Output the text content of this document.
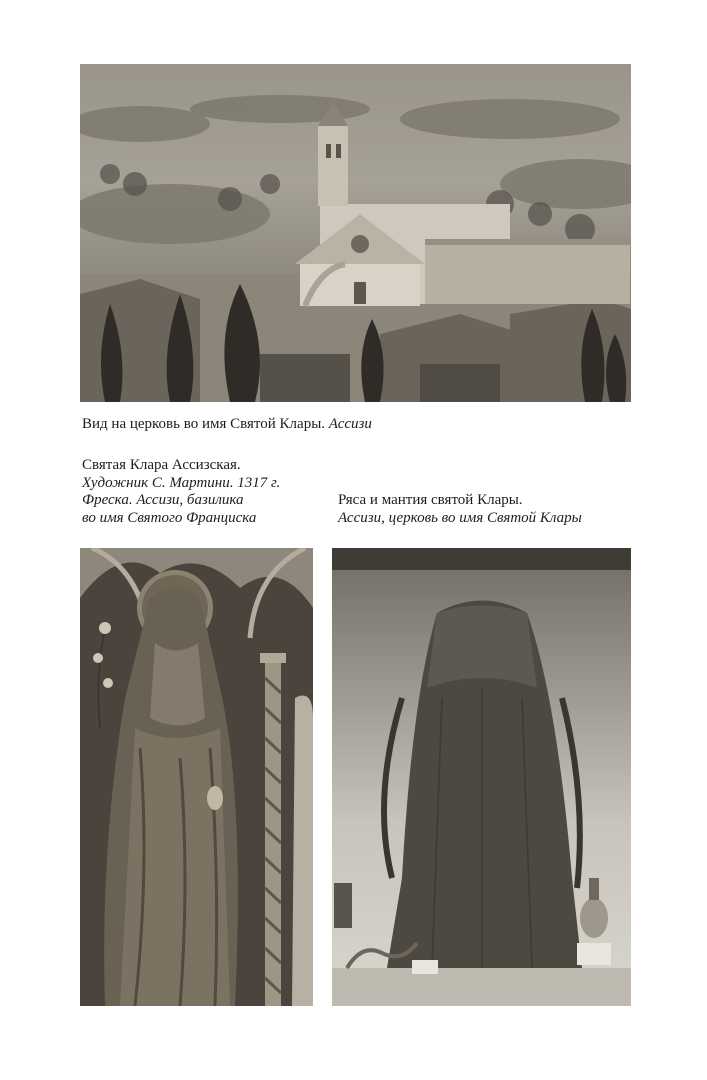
Вид на церковь во имя Святой Клары. Ассизи
Святая Клара Ассизская.
Художник С. Мартини. 1317 г.
Фреска. Ассизи, базилика
во имя Святого Франциска
Ряса и мантия святой Клары.
Ассизи, церковь во имя Святой Клары
